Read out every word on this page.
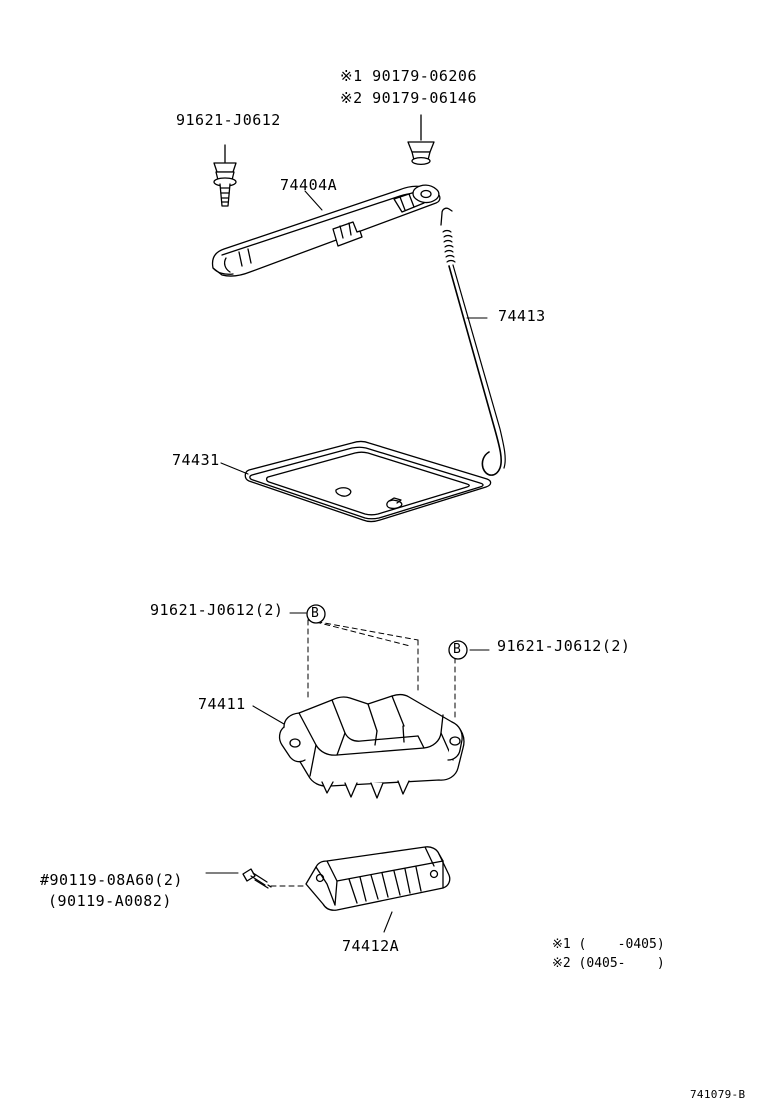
※1 90179-06206
※2 90179-06146
91621-J0612
74404A
74413
74431
91621-J0612(2)
91621-J0612(2)
74411
#90119-08A60(2)
(90119-A0082)
74412A
B
B
※1 (    -0405)
※2 (0405-    )
741079-B
